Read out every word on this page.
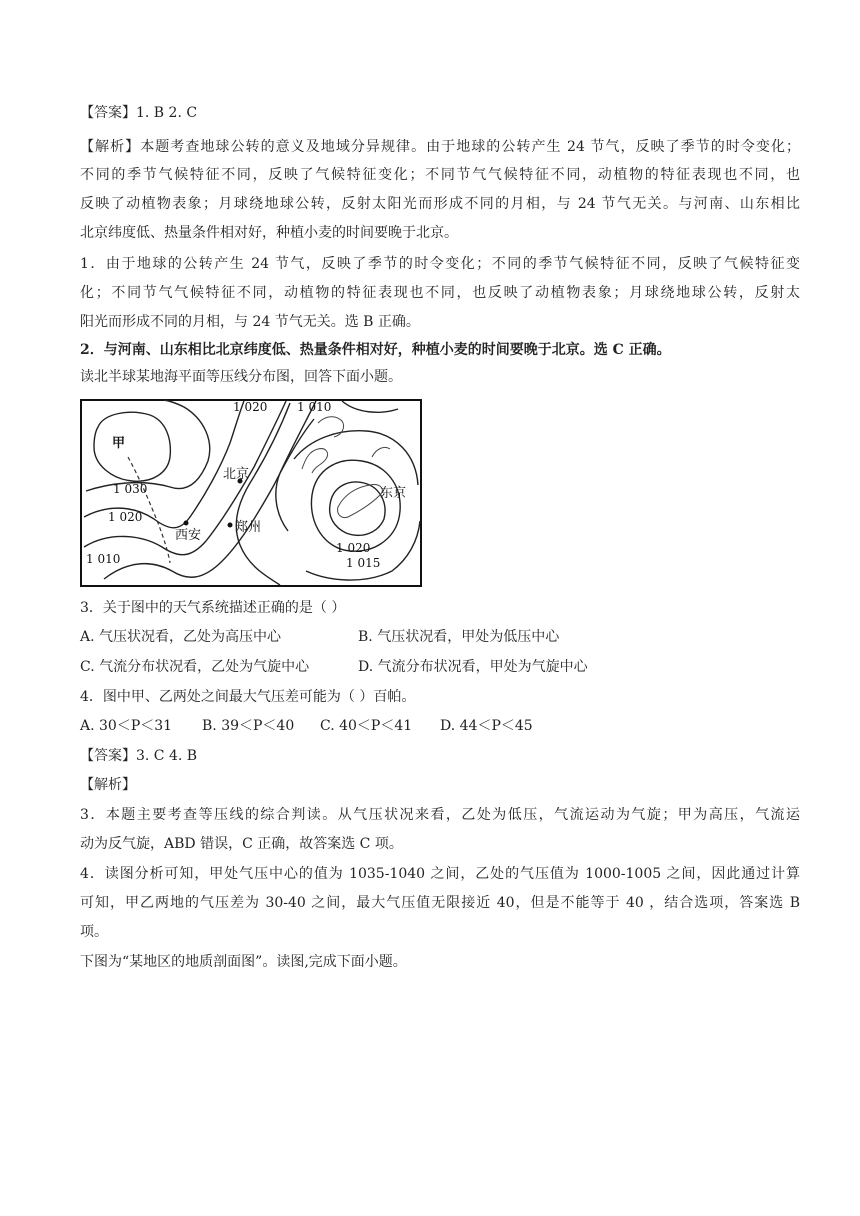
【答案】1. B 2. C
【解析】本题考查地球公转的意义及地域分异规律。由于地球的公转产生 24 节气，反映了季节的时令变化；
不同的季节气候特征不同，反映了气候特征变化；不同节气气候特征不同，动植物的特征表现也不同，也
反映了动植物表象；月球绕地球公转，反射太阳光而形成不同的月相，与 24 节气无关。与河南、山东相比
北京纬度低、热量条件相对好，种植小麦的时间要晚于北京。
1．由于地球的公转产生 24 节气，反映了季节的时令变化；不同的季节气候特征不同，反映了气候特征变
化；不同节气气候特征不同，动植物的特征表现也不同，也反映了动植物表象；月球绕地球公转，反射太
阳光而形成不同的月相，与 24 节气无关。选 B 正确。
2．与河南、山东相比北京纬度低、热量条件相对好，种植小麦的时间要晚于北京。选 C 正确。
读北半球某地海平面等压线分布图，回答下面小题。
1 020 1 010
甲
北京
1 030	东京
1 020
郑州
西安
1 020
1 010	1 015
3．关于图中的天气系统描述正确的是（ ）
A. 气压状况看，乙处为高压中心	B. 气压状况看，甲处为低压中心
C. 气流分布状况看，乙处为气旋中心	D. 气流分布状况看，甲处为气旋中心
4．图中甲、乙两处之间最大气压差可能为（ ）百帕。
A. 30＜P＜31 B. 39＜P＜40 C. 40＜P＜41 D. 44＜P＜45
【答案】3. C 4. B
【解析】
3．本题主要考查等压线的综合判读。从气压状况来看，乙处为低压，气流运动为气旋；甲为高压，气流运
动为反气旋，ABD 错误，C 正确，故答案选 C 项。
4．读图分析可知，甲处气压中心的值为 1035-1040 之间，乙处的气压值为 1000-1005 之间，因此通过计算
可知，甲乙两地的气压差为 30-40 之间，最大气压值无限接近 40，但是不能等于 40 ，结合选项，答案选 B
项。
下图为“某地区的地质剖面图”。读图,完成下面小题。
